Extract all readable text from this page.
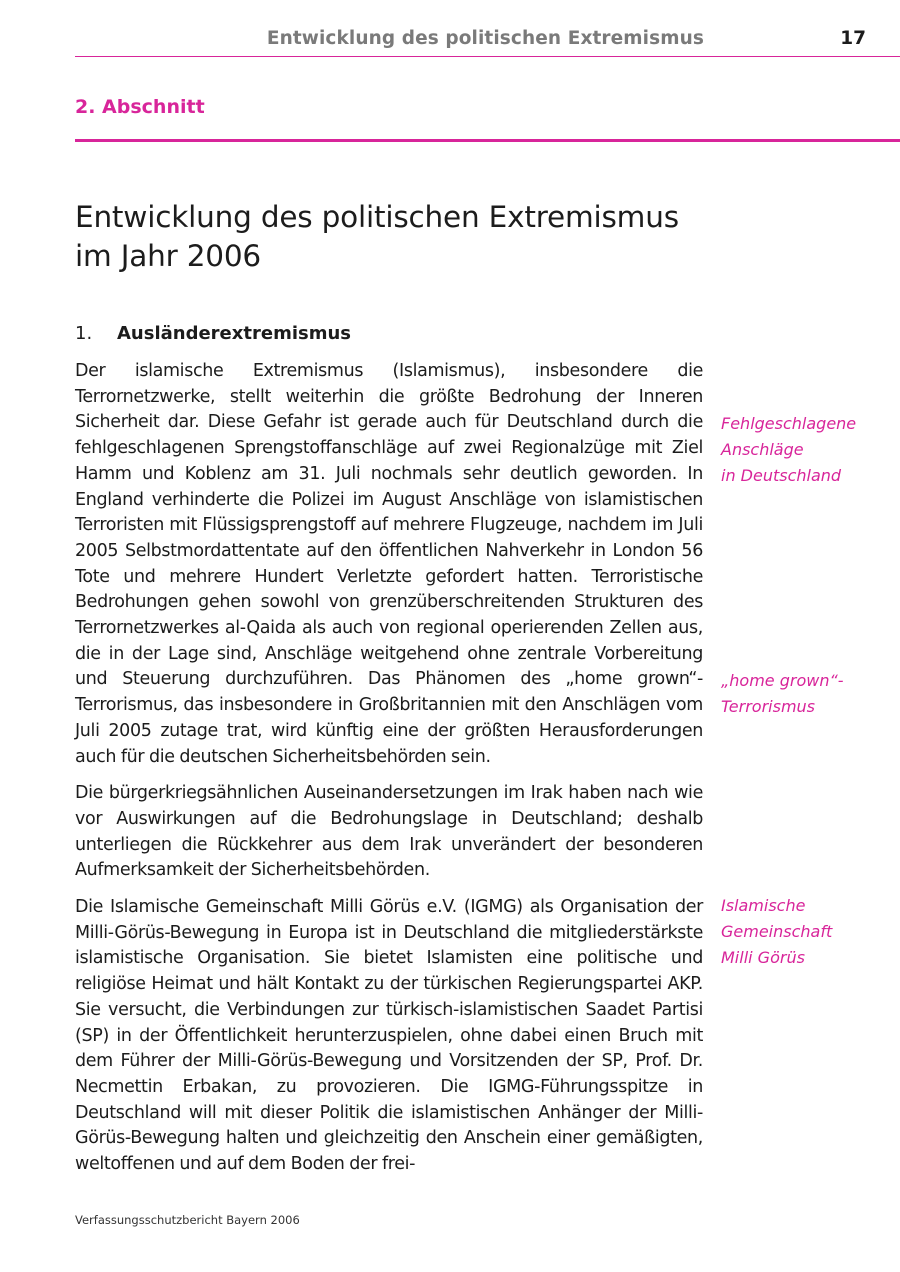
Entwicklung des politischen Extremismus	17
2. Abschnitt
Entwicklung des politischen Extremismus
im Jahr 2006
1. Ausländerextremismus

Der islamische Extremismus (Islamismus), insbesondere die Terrornetzwerke, stellt weiterhin die größte Bedrohung der Inneren Sicherheit dar. Diese Gefahr ist gerade auch für Deutschland durch die fehlgeschlagenen Sprengstoffanschläge auf zwei Regionalzüge mit Ziel Hamm und Koblenz am 31. Juli nochmals sehr deutlich geworden. In England verhinderte die Polizei im August Anschläge von islamistischen Terroristen mit Flüssigsprengstoff auf mehrere Flugzeuge, nachdem im Juli 2005 Selbstmordattentate auf den öffentlichen Nahverkehr in London 56 Tote und mehrere Hundert Verletzte gefordert hatten. Terroristische Bedrohungen gehen sowohl von grenzüberschreitenden Strukturen des Terrornetzwerkes al-Qaida als auch von regional operierenden Zellen aus, die in der Lage sind, Anschläge weitgehend ohne zentrale Vorbereitung und Steuerung durchzuführen. Das Phänomen des „home grown“-Terrorismus, das insbesondere in Großbritannien mit den Anschlägen vom Juli 2005 zutage trat, wird künftig eine der größten Herausforderungen auch für die deutschen Sicherheitsbehörden sein.

Die bürgerkriegsähnlichen Auseinandersetzungen im Irak haben nach wie vor Auswirkungen auf die Bedrohungslage in Deutschland; deshalb unterliegen die Rückkehrer aus dem Irak unverändert der besonderen Aufmerksamkeit der Sicherheitsbehörden.

Die Islamische Gemeinschaft Milli Görüs e.V. (IGMG) als Organisation der Milli-Görüs-Bewegung in Europa ist in Deutschland die mitgliederstärkste islamistische Organisation. Sie bietet Islamisten eine politische und religiöse Heimat und hält Kontakt zu der türkischen Regierungspartei AKP. Sie versucht, die Verbindungen zur türkisch-islamistischen Saadet Partisi (SP) in der Öffentlichkeit herunterzuspielen, ohne dabei einen Bruch mit dem Führer der Milli-Görüs-Bewegung und Vorsitzenden der SP, Prof. Dr. Necmettin Erbakan, zu provozieren. Die IGMG-Führungsspitze in Deutschland will mit dieser Politik die islamistischen Anhänger der Milli-Görüs-Bewegung halten und gleichzeitig den Anschein einer gemäßigten, weltoffenen und auf dem Boden der frei-

Fehlgeschlagene
Anschläge
in Deutschland
„home grown“-
Terrorismus
Islamische
Gemeinschaft
Milli Görüs
Verfassungsschutzbericht Bayern 2006
